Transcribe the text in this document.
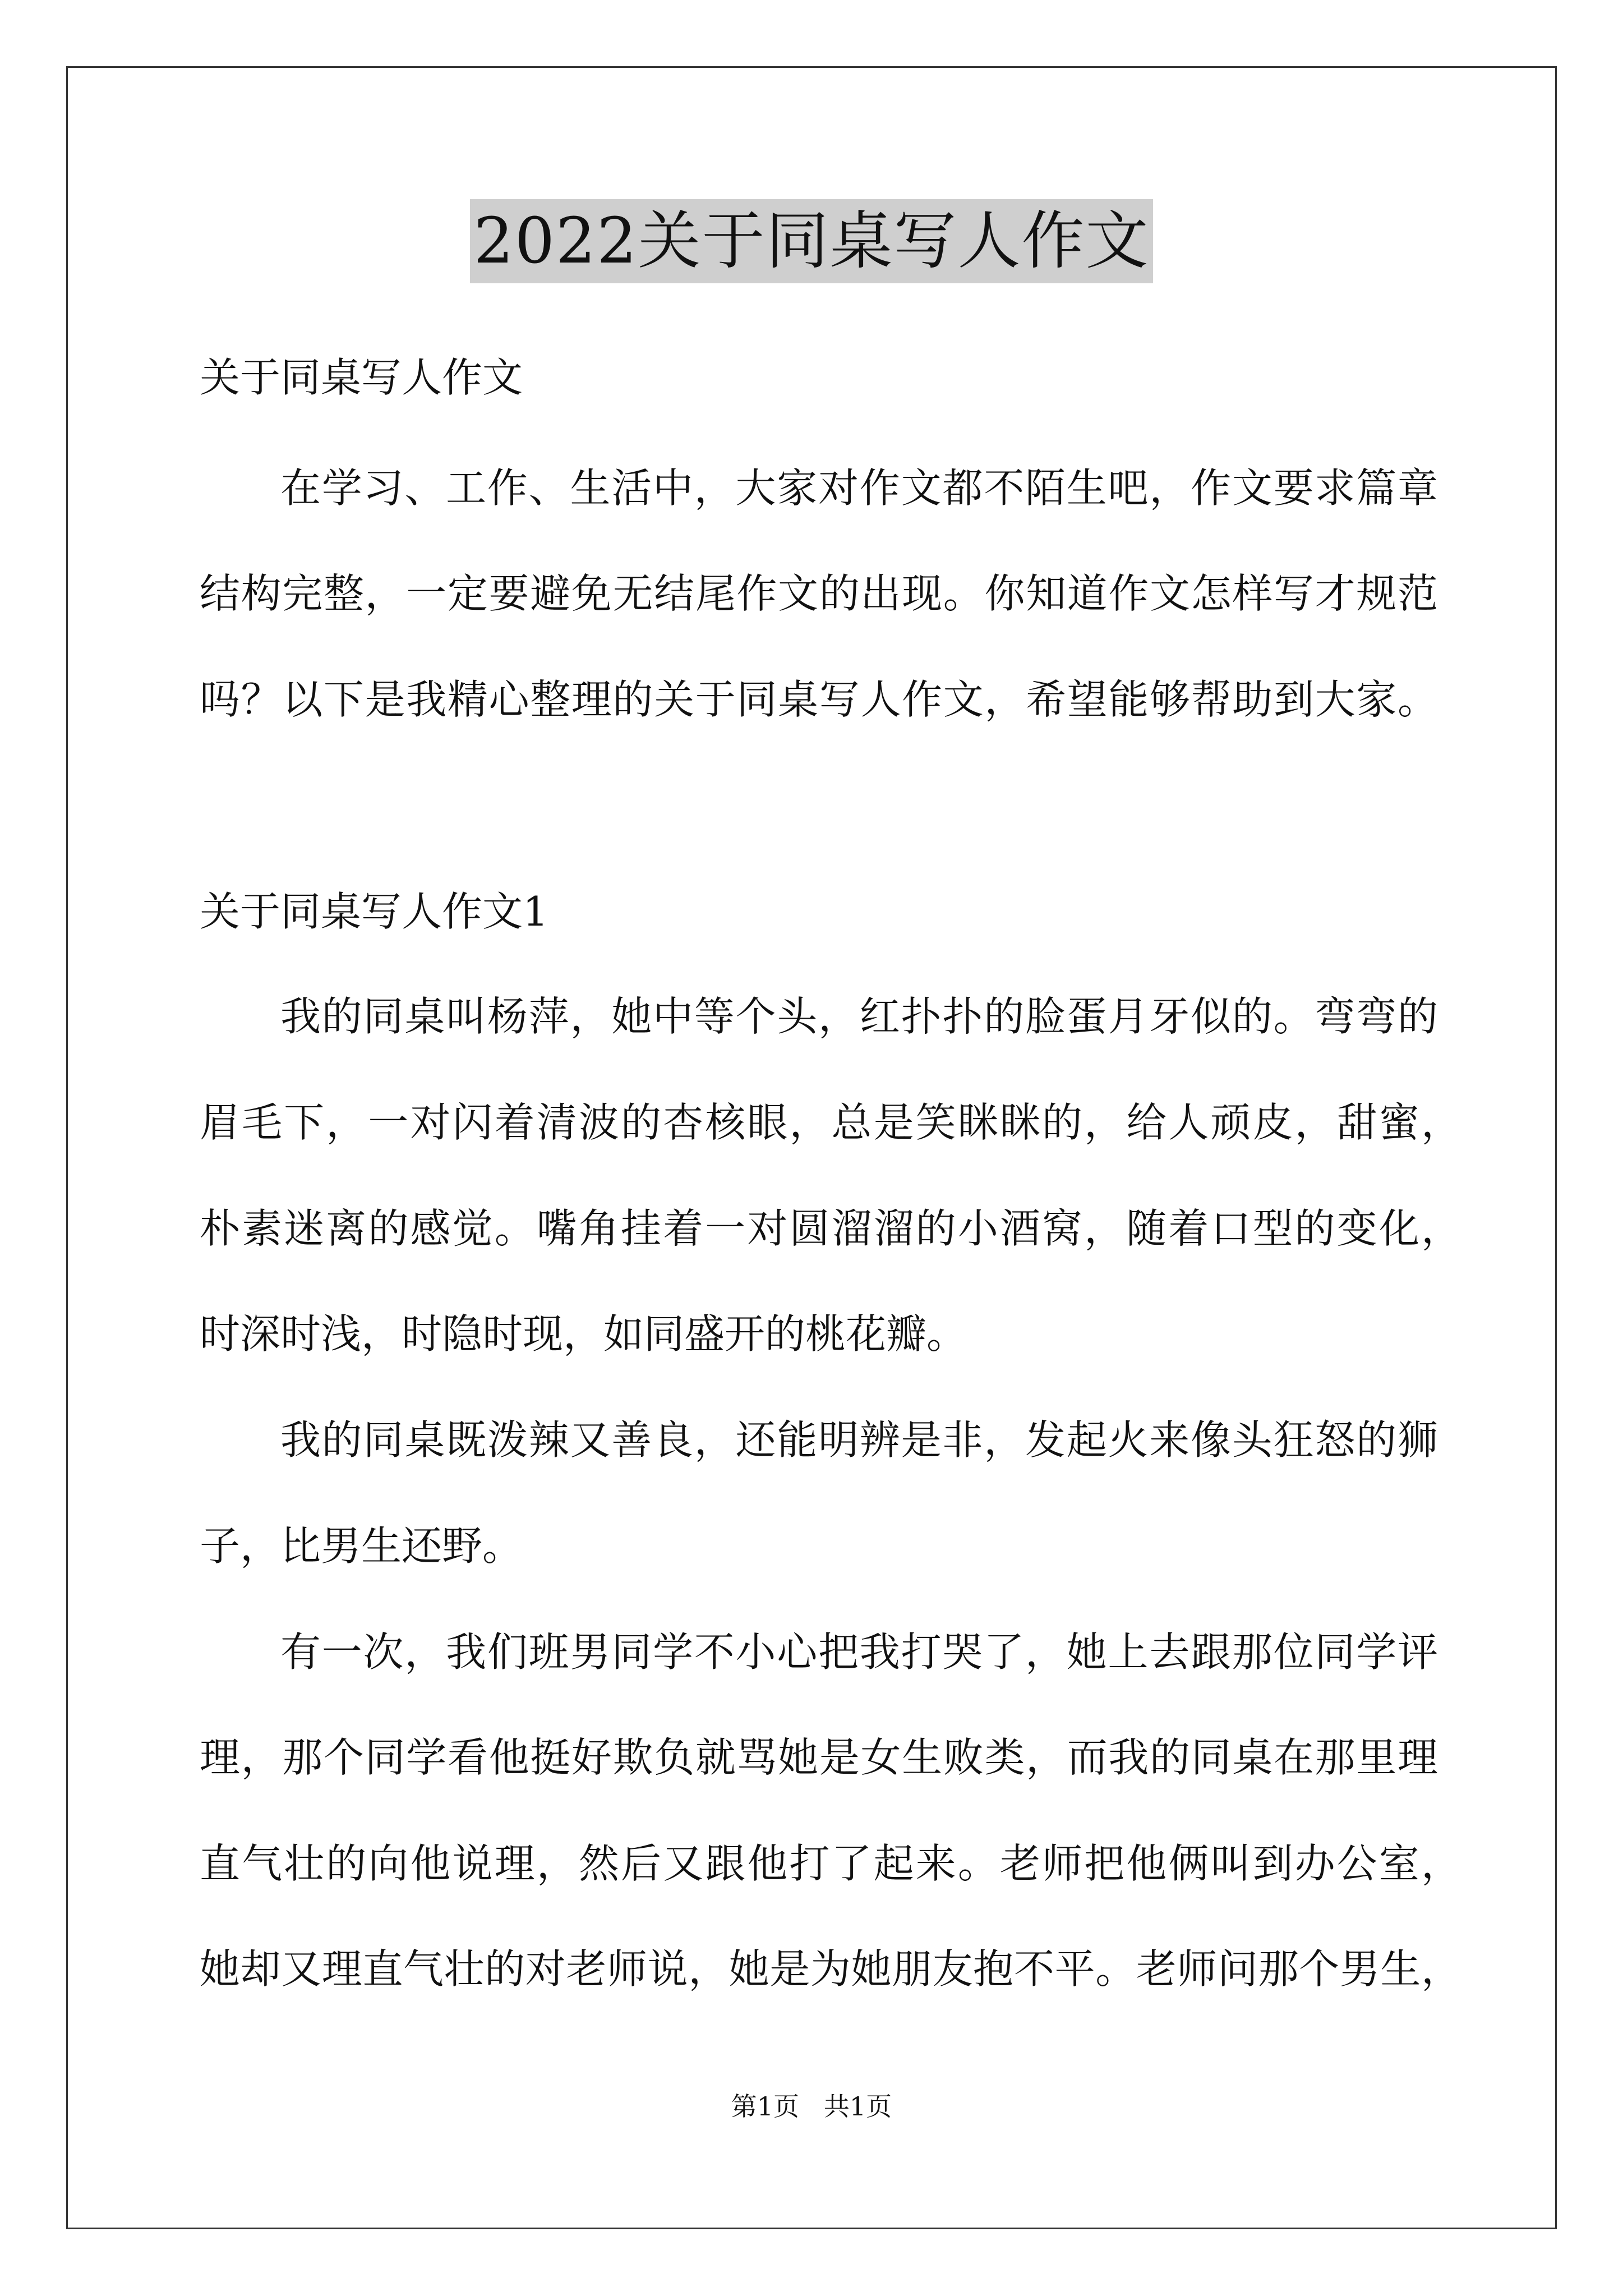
2022关于同桌写人作文
关于同桌写人作文
在学习、工作、生活中，大家对作文都不陌生吧，作文要求篇章
结构完整，一定要避免无结尾作文的出现。你知道作文怎样写才规范
吗？以下是我精心整理的关于同桌写人作文，希望能够帮助到大家。
关于同桌写人作文1
我的同桌叫杨萍，她中等个头，红扑扑的脸蛋月牙似的。弯弯的
眉毛下，一对闪着清波的杏核眼，总是笑眯眯的，给人顽皮，甜蜜，
朴素迷离的感觉。嘴角挂着一对圆溜溜的小酒窝，随着口型的变化，
时深时浅，时隐时现，如同盛开的桃花瓣。
我的同桌既泼辣又善良，还能明辨是非，发起火来像头狂怒的狮
子，比男生还野。
有一次，我们班男同学不小心把我打哭了，她上去跟那位同学评
理，那个同学看他挺好欺负就骂她是女生败类，而我的同桌在那里理
直气壮的向他说理，然后又跟他打了起来。老师把他俩叫到办公室，
她却又理直气壮的对老师说，她是为她朋友抱不平。老师问那个男生，
第1页   共1页
